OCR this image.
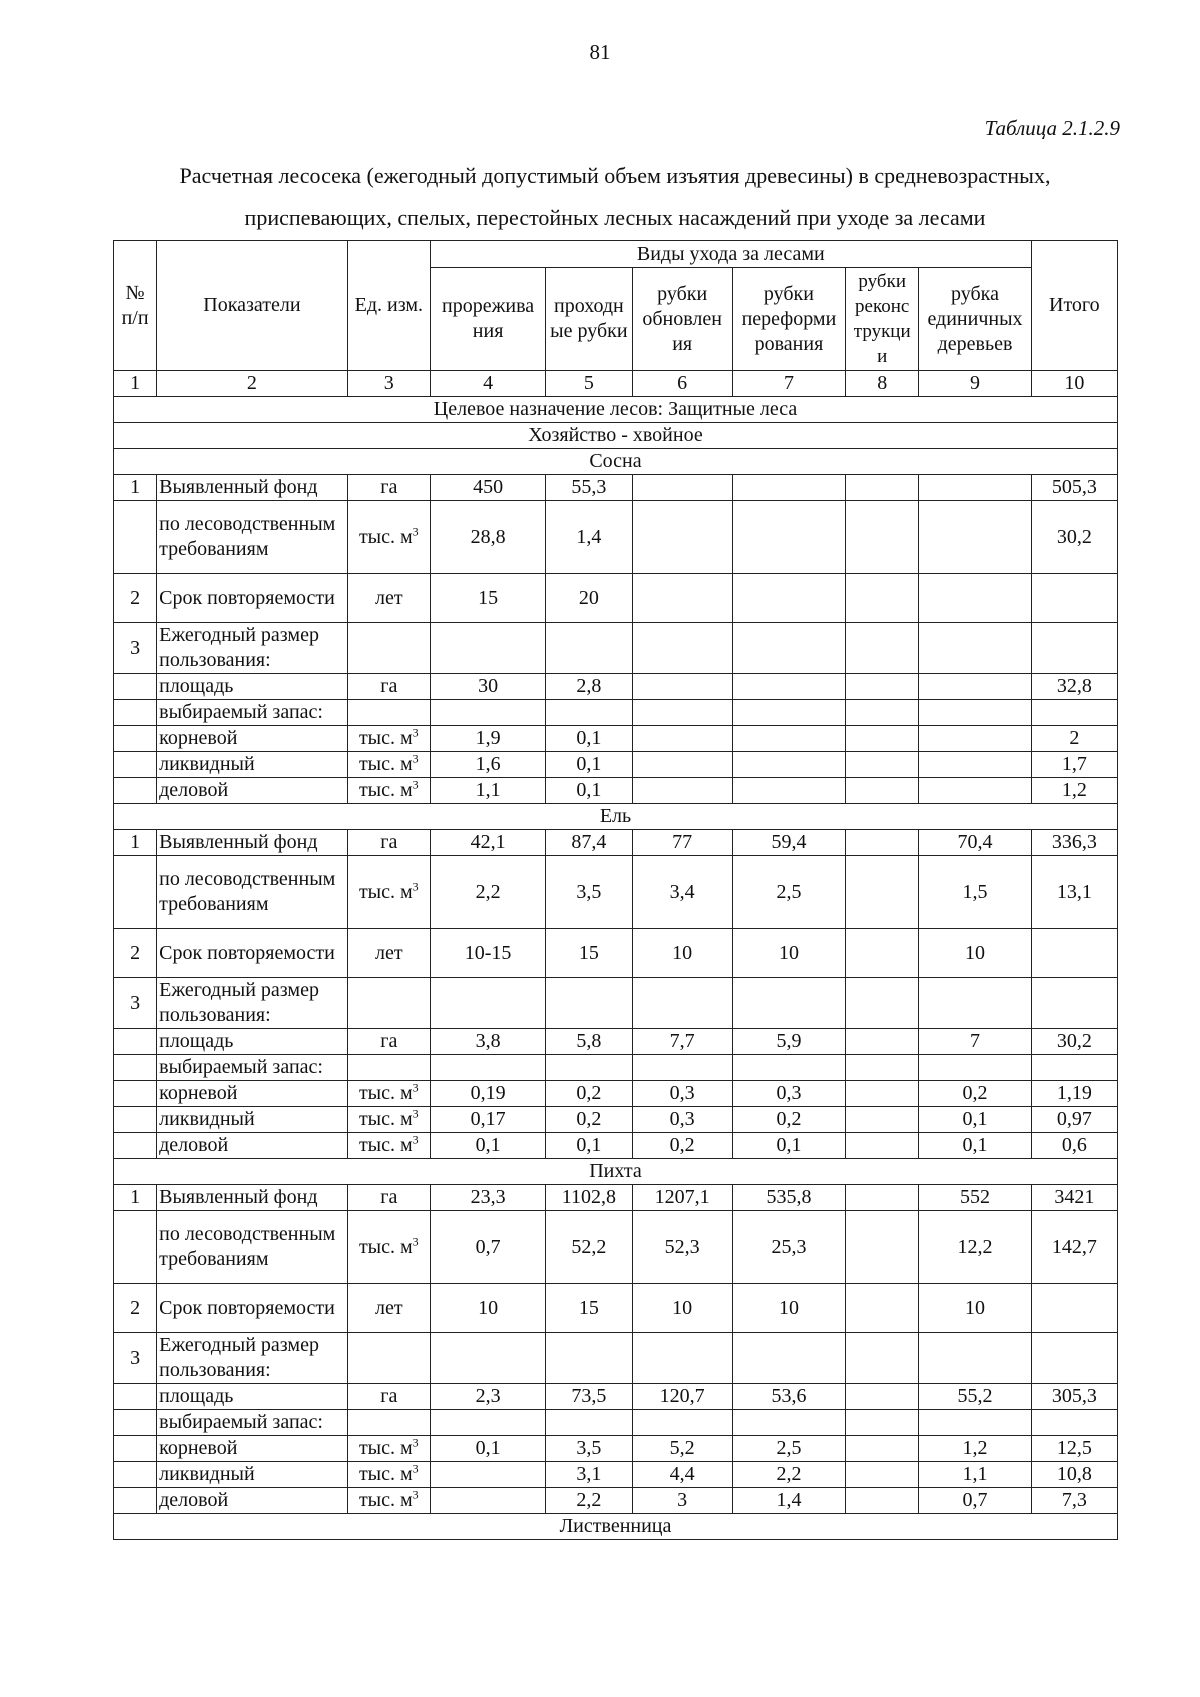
81
Таблица 2.1.2.9
Расчетная лесосека (ежегодный допустимый объем изъятия древесины) в средневозрастных,
приспевающих, спелых, перестойных лесных насаждений при уходе за лесами
№ п/п	Показатели	Ед. изм.	Виды ухода за лесами						Итого
			прорежива ния	проходн ые рубки	рубки обновлен ия	рубки переформи рования	рубки реконс трукци и	рубка единичных деревьев	
1	2	3	4	5	6	7	8	9	10
Целевое назначение лесов: Защитные леса									
Хозяйство - хвойное									
Сосна									
1	Выявленный фонд	га	450	55,3					505,3
	по лесоводственным требованиям	тыс. $м^3$	28,8	1,4					30,2
2	Срок повторяемости	лет	15	20					
3	Ежегодный размер пользования:								
	площадь	га	30	2,8					32,8
	выбираемый запас:								
	корневой	тыс. $м^3$	1,9	0,1					2
	ликвидный	тыс. $м^3$	1,6	0,1					1,7
	деловой	тыс. $м^3$	1,1	0,1					1,2
Ель									
1	Выявленный фонд	га	42,1	87,4	77	59,4		70,4	336,3
	по лесоводственным требованиям	тыс. $м^3$	2,2	3,5	3,4	2,5		1,5	13,1
2	Срок повторяемости	лет	10-15	15	10	10		10	
3	Ежегодный размер пользования:								
	площадь	га	3,8	5,8	7,7	5,9		7	30,2
	выбираемый запас:								
	корневой	тыс. $м^3$	0,19	0,2	0,3	0,3		0,2	1,19
	ликвидный	тыс. $м^3$	0,17	0,2	0,3	0,2		0,1	0,97
	деловой	тыс. $м^3$	0,1	0,1	0,2	0,1		0,1	0,6
Пихта									
1	Выявленный фонд	га	23,3	1102,8	1207,1	535,8		552	3421
	по лесоводственным требованиям	тыс. $м^3$	0,7	52,2	52,3	25,3		12,2	142,7
2	Срок повторяемости	лет	10	15	10	10		10	
3	Ежегодный размер пользования:								
	площадь	га	2,3	73,5	120,7	53,6		55,2	305,3
	выбираемый запас:								
	корневой	тыс. $м^3$	0,1	3,5	5,2	2,5		1,2	12,5
	ликвидный	тыс. $м^3$		3,1	4,4	2,2		1,1	10,8
	деловой	тыс. $м^3$		2,2	3	1,4		0,7	7,3
Лиственница									
